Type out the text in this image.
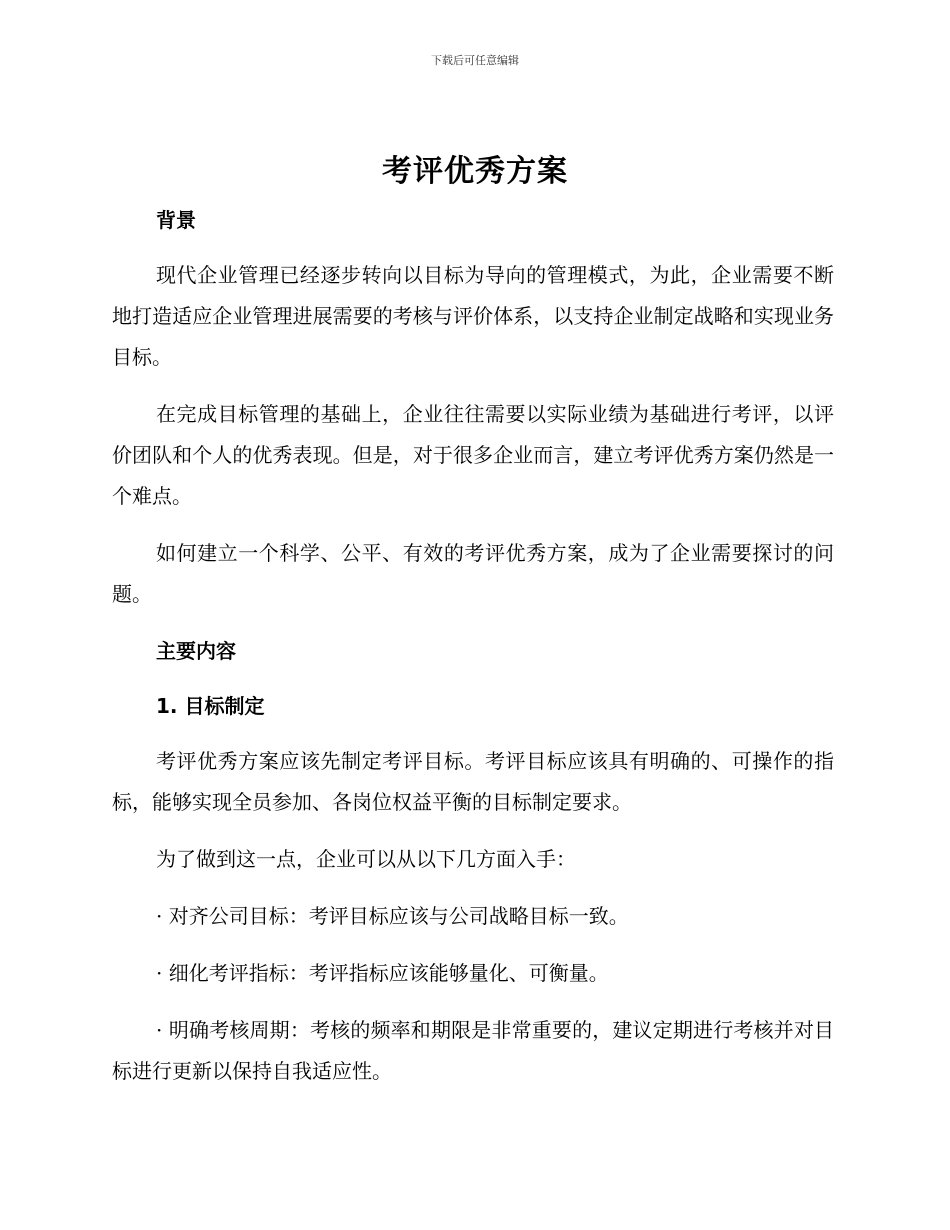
下载后可任意编辑
考评优秀方案
背景
现代企业管理已经逐步转向以目标为导向的管理模式，为此，企业需要不断地打造适应企业管理进展需要的考核与评价体系，以支持企业制定战略和实现业务目标。
在完成目标管理的基础上，企业往往需要以实际业绩为基础进行考评，以评价团队和个人的优秀表现。但是，对于很多企业而言，建立考评优秀方案仍然是一个难点。
如何建立一个科学、公平、有效的考评优秀方案，成为了企业需要探讨的问题。
主要内容
1. 目标制定
考评优秀方案应该先制定考评目标。考评目标应该具有明确的、可操作的指标，能够实现全员参加、各岗位权益平衡的目标制定要求。
为了做到这一点，企业可以从以下几方面入手：
· 对齐公司目标：考评目标应该与公司战略目标一致。
· 细化考评指标：考评指标应该能够量化、可衡量。
· 明确考核周期：考核的频率和期限是非常重要的，建议定期进行考核并对目标进行更新以保持自我适应性。
